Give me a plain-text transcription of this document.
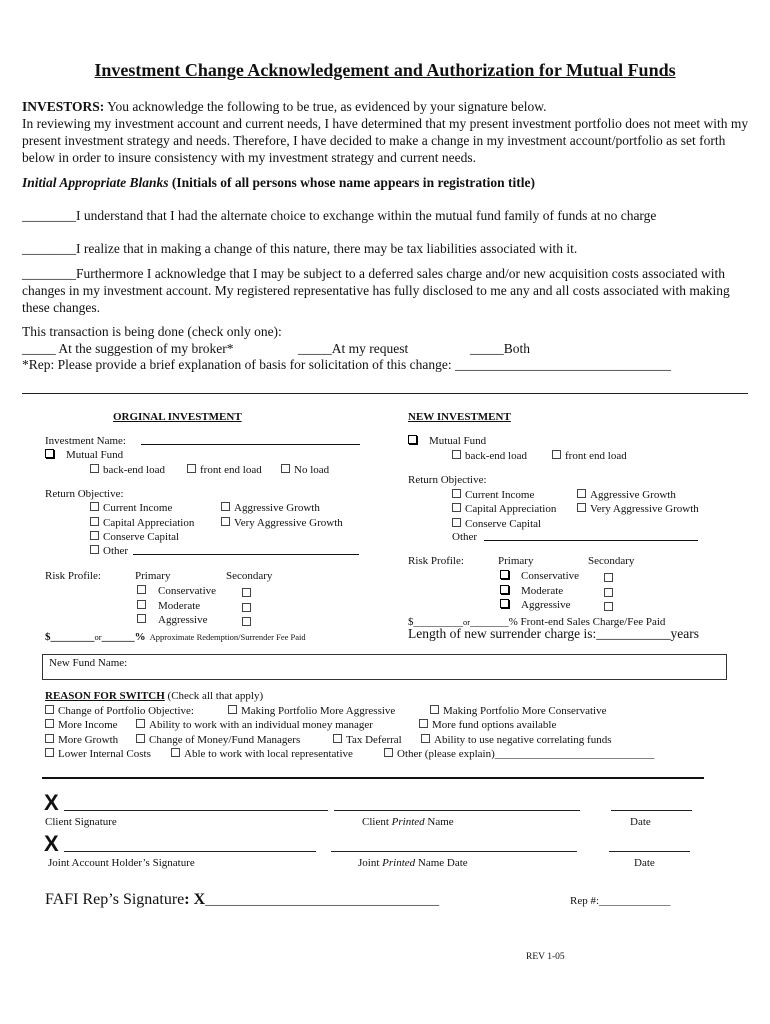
Investment Change Acknowledgement and Authorization for Mutual Funds
INVESTORS: You acknowledge the following to be true, as evidenced by your signature below.
In reviewing my investment account and current needs, I have determined that my present investment portfolio does not meet with my present investment strategy and needs. Therefore, I have decided to make a change in my investment account/portfolio as set forth below in order to insure consistency with my investment strategy and current needs.
Initial Appropriate Blanks (Initials of all persons whose name appears in registration title)
________I understand that I had the alternate choice to exchange within the mutual fund family of funds at no charge
________I realize that in making a change of this nature, there may be tax liabilities associated with it.
________Furthermore I acknowledge that I may be subject to a deferred sales charge and/or new acquisition costs associated with changes in my investment account. My registered representative has fully disclosed to me any and all costs associated with making these changes.
This transaction is being done (check only one):
_____ At the suggestion of my broker*	_____At my request	_____Both
*Rep: Please provide a brief explanation of basis for solicitation of this change: ________________________________
ORGINAL INVESTMENT
Investment Name:
Mutual Fund
back-end load	front end load	No load
Return Objective:
Current Income	Aggressive Growth
Capital Appreciation	Very Aggressive Growth
Conserve Capital
Other
Risk Profile:	Primary	Secondary
Conservative
Moderate
Aggressive
$________or______% Approximate Redemption/Surrender Fee Paid
NEW INVESTMENT
Mutual Fund
back-end load	front end load
Return Objective:
Current Income	Aggressive Growth
Capital Appreciation	Very Aggressive Growth
Conserve Capital
Other
Risk Profile:	Primary	Secondary
Conservative
Moderate
Aggressive
$_________or_______% Front-end Sales Charge/Fee Paid
Length of new surrender charge is:___________years
New Fund Name:
REASON FOR SWITCH (Check all that apply)
Change of Portfolio Objective:	Making Portfolio More Aggressive	Making Portfolio More Conservative
More Income	Ability to work with an individual money manager	More fund options available
More Growth	Change of Money/Fund Managers	Tax Deferral	Ability to use negative correlating funds
Lower Internal Costs	Able to work with local representative	Other (please explain)_____________________________
X
Client Signature	Client Printed Name	Date
X
Joint Account Holder’s Signature	Joint Printed Name Date	Date
FAFI Rep’s Signature: X____________________________________	Rep #:_____________
REV 1-05
